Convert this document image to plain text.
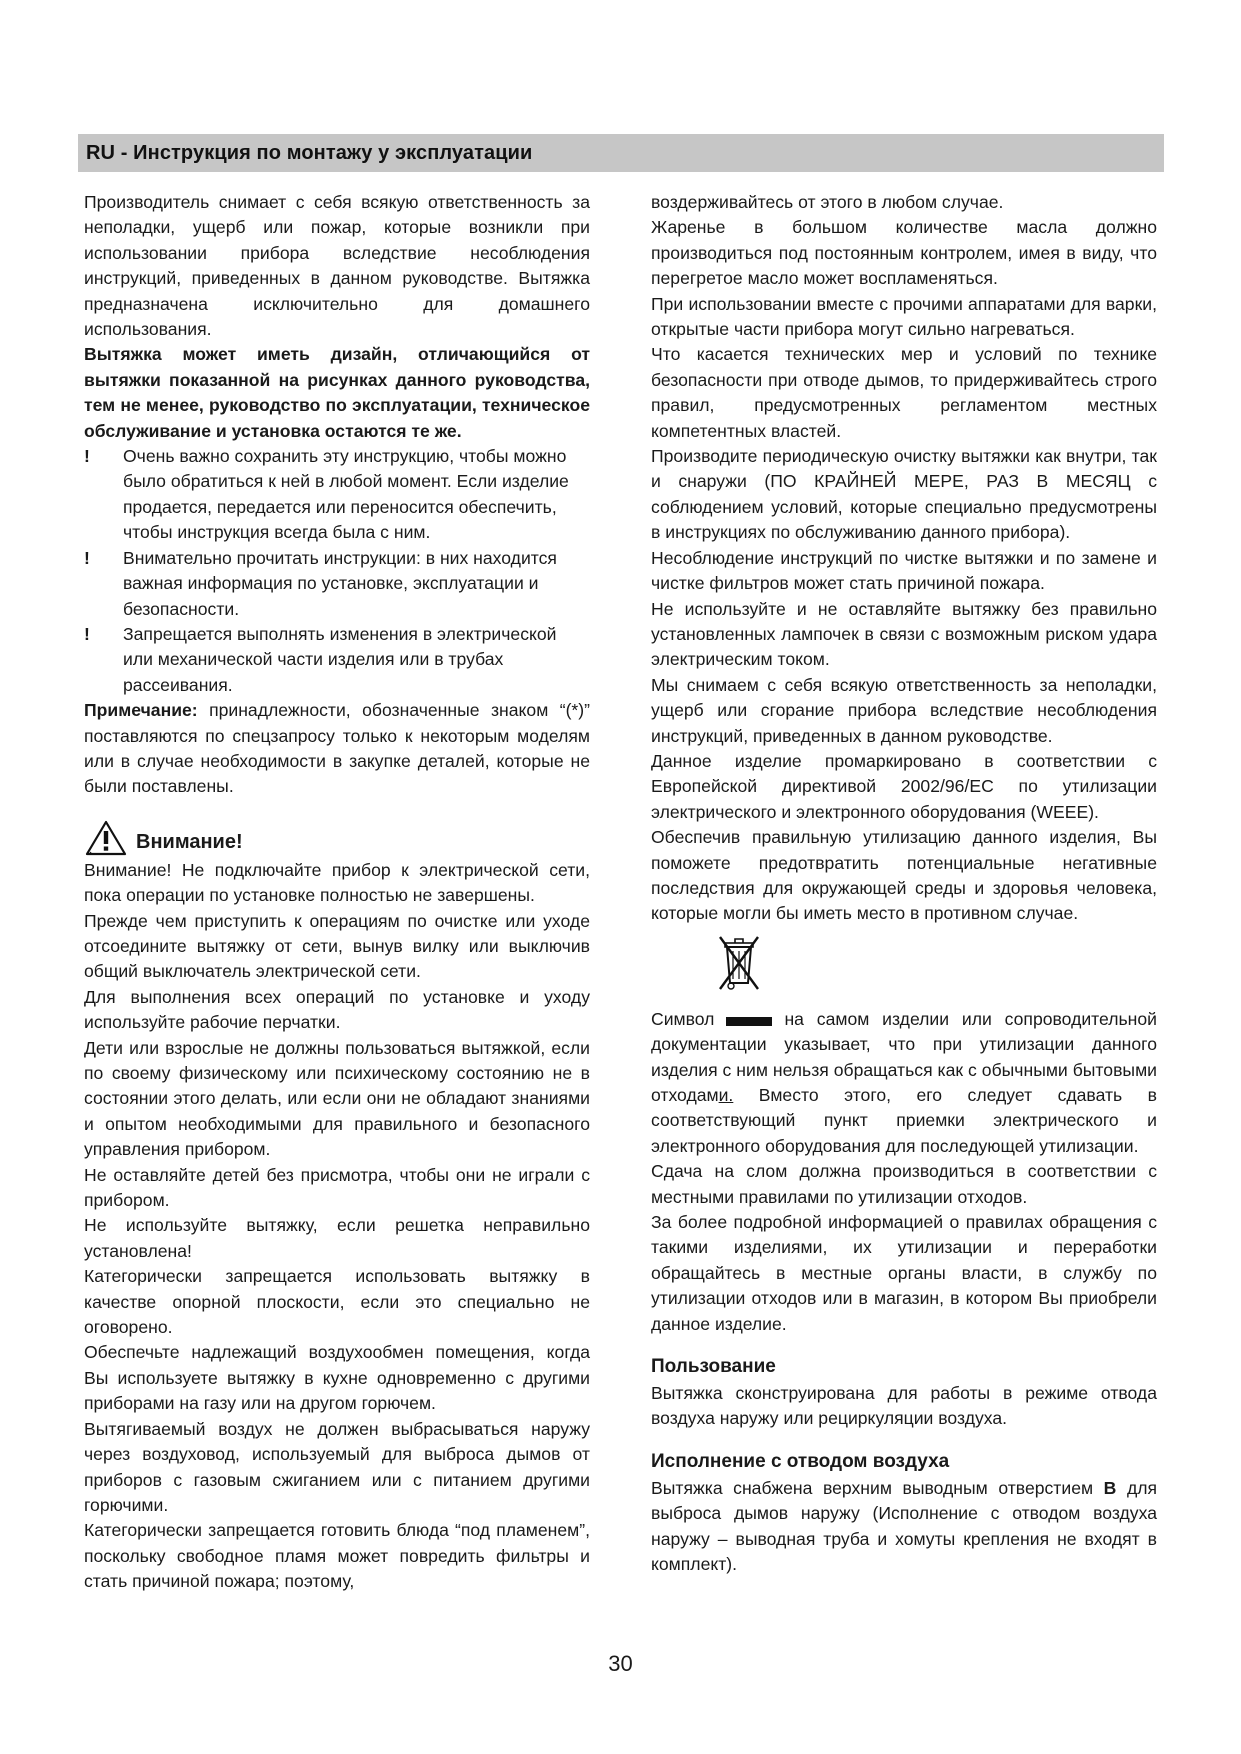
RU - Инструкция по монтажу у эксплуатации

Производитель снимает с себя всякую ответственность за неполадки, ущерб или пожар, которые возникли при использовании прибора вследствие несоблюдения инструкций, приведенных в данном руководстве. Вытяжка предназначена исключительно для домашнего использования.

Вытяжка может иметь дизайн, отличающийся от вытяжки показанной на рисунках данного руководства, тем не менее, руководство по эксплуатации, техническое обслуживание и установка остаются те же.

! Очень важно сохранить эту инструкцию, чтобы можно было обратиться к ней в любой момент. Если изделие продается, передается или переносится обеспечить, чтобы инструкция всегда была с ним.

! Внимательно прочитать инструкции: в них находится важная информация по установке, эксплуатации и безопасности.

! Запрещается выполнять изменения в электрической или механической части изделия или в трубах рассеивания.

Примечание: принадлежности, обозначенные знаком “(*)” поставляются по спецзапросу только к некоторым моделям или в случае необходимости в закупке деталей, которые не были поставлены.

Внимание!

Внимание! Не подключайте прибор к электрической сети, пока операции по установке полностью не завершены.

Прежде чем приступить к операциям по очистке или уходе отсоедините вытяжку от сети, вынув вилку или выключив общий выключатель электрической сети.

Для выполнения всех операций по установке и уходу используйте рабочие перчатки.

Дети или взрослые не должны пользоваться вытяжкой, если по своему физическому или психическому состоянию не в состоянии этого делать, или если они не обладают знаниями и опытом необходимыми для правильного и безопасного управления прибором.

Не оставляйте детей без присмотра, чтобы они не играли с прибором.

Не используйте вытяжку, если решетка неправильно установлена!

Категорически запрещается использовать вытяжку в качестве опорной плоскости, если это специально не оговорено.

Обеспечьте надлежащий воздухообмен помещения, когда Вы используете вытяжку в кухне одновременно с другими приборами на газу или на другом горючем.

Вытягиваемый воздух не должен выбрасываться наружу через воздуховод, используемый для выброса дымов от приборов с газовым сжиганием или с питанием другими горючими.

Категорически запрещается готовить блюда “под пламенем”, поскольку свободное пламя может повредить фильтры и стать причиной пожара; поэтому,

воздерживайтесь от этого в любом случае.

Жаренье в большом количестве масла должно производиться под постоянным контролем, имея в виду, что перегретое масло может воспламеняться.

При использовании вместе с прочими аппаратами для варки, открытые части прибора могут сильно нагреваться.

Что касается технических мер и условий по технике безопасности при отводе дымов, то придерживайтесь строго правил, предусмотренных регламентом местных компетентных властей.

Производите периодическую очистку вытяжки как внутри, так и снаружи (ПО КРАЙНЕЙ МЕРЕ, РАЗ В МЕСЯЦ с соблюдением условий, которые специально предусмотрены в инструкциях по обслуживанию данного прибора).

Несоблюдение инструкций по чистке вытяжки и по замене и чистке фильтров может стать причиной пожара.

Не используйте и не оставляйте вытяжку без правильно установленных лампочек в связи с возможным риском удара электрическим током.

Мы снимаем с себя всякую ответственность за неполадки, ущерб или сгорание прибора вследствие несоблюдения инструкций, приведенных в данном руководстве.

Данное изделие промаркировано в соответствии с Европейской директивой 2002/96/EC по утилизации электрического и электронного оборудования (WEEE).

Обеспечив правильную утилизацию данного изделия, Вы поможете предотвратить потенциальные негативные последствия для окружающей среды и здоровья человека, которые могли бы иметь место в противном случае.

Символ	на самом изделии или сопроводительной документации указывает, что при утилизации данного изделия с ним нельзя обращаться как с обычными бытовыми отходами. Вместо этого, его следует сдавать в соответствующий пункт приемки электрического и электронного оборудования для последующей утилизации.

Сдача на слом должна производиться в соответствии с местными правилами по утилизации отходов.

За более подробной информацией о правилах обращения с такими изделиями, их утилизации и переработки обращайтесь в местные органы власти, в службу по утилизации отходов или в магазин, в котором Вы приобрели данное изделие.

Пользование

Вытяжка сконструирована для работы в режиме отвода воздуха наружу или рециркуляции воздуха.

Исполнение с отводом воздуха

Вытяжка снабжена верхним выводным отверстием B для выброса дымов наружу (Исполнение с отводом воздуха наружу – выводная труба и хомуты крепления не входят в комплект).

30
